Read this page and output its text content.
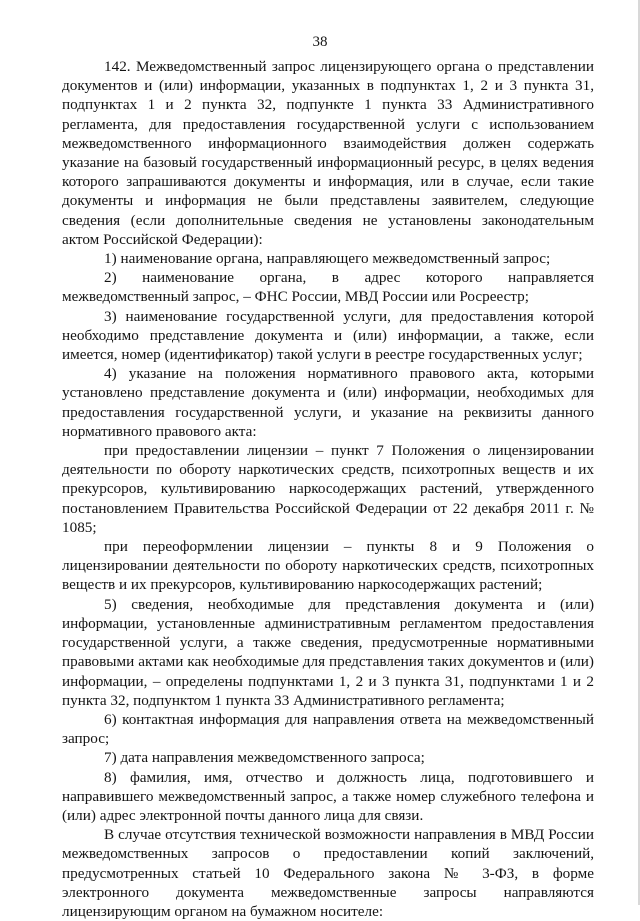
38

142. Межведомственный запрос лицензирующего органа о представлении документов и (или) информации, указанных в подпунктах 1, 2 и 3 пункта 31, подпунктах 1 и 2 пункта 32, подпункте 1 пункта 33 Административного регламента, для предоставления государственной услуги с использованием межведомственного информационного взаимодействия должен содержать указание на базовый государственный информационный ресурс, в целях ведения которого запрашиваются документы и информация, или в случае, если такие документы и информация не были представлены заявителем, следующие сведения (если дополнительные сведения не установлены законодательным актом Российской Федерации):

1) наименование органа, направляющего межведомственный запрос;

2) наименование органа, в адрес которого направляется межведомственный запрос, – ФНС России, МВД России или Росреестр;

3) наименование государственной услуги, для предоставления которой необходимо представление документа и (или) информации, а также, если имеется, номер (идентификатор) такой услуги в реестре государственных услуг;

4) указание на положения нормативного правового акта, которыми установлено представление документа и (или) информации, необходимых для предоставления государственной услуги, и указание на реквизиты данного нормативного правового акта:

при предоставлении лицензии – пункт 7 Положения о лицензировании деятельности по обороту наркотических средств, психотропных веществ и их прекурсоров, культивированию наркосодержащих растений, утвержденного постановлением Правительства Российской Федерации от 22 декабря 2011 г. № 1085;

при переоформлении лицензии – пункты 8 и 9 Положения о лицензировании деятельности по обороту наркотических средств, психотропных веществ и их прекурсоров, культивированию наркосодержащих растений;

5) сведения, необходимые для представления документа и (или) информации, установленные административным регламентом предоставления государственной услуги, а также сведения, предусмотренные нормативными правовыми актами как необходимые для представления таких документов и (или) информации, – определены подпунктами 1, 2 и 3 пункта 31, подпунктами 1 и 2 пункта 32, подпунктом 1 пункта 33 Административного регламента;

6) контактная информация для направления ответа на межведомственный запрос;

7) дата направления межведомственного запроса;

8) фамилия, имя, отчество и должность лица, подготовившего и направившего межведомственный запрос, а также номер служебного телефона и (или) адрес электронной почты данного лица для связи.

В случае отсутствия технической возможности направления в МВД России межведомственных запросов о предоставлении копий заключений, предусмотренных статьей 10 Федерального закона № 3-ФЗ, в форме электронного документа межведомственные запросы направляются лицензирующим органом на бумажном носителе:
